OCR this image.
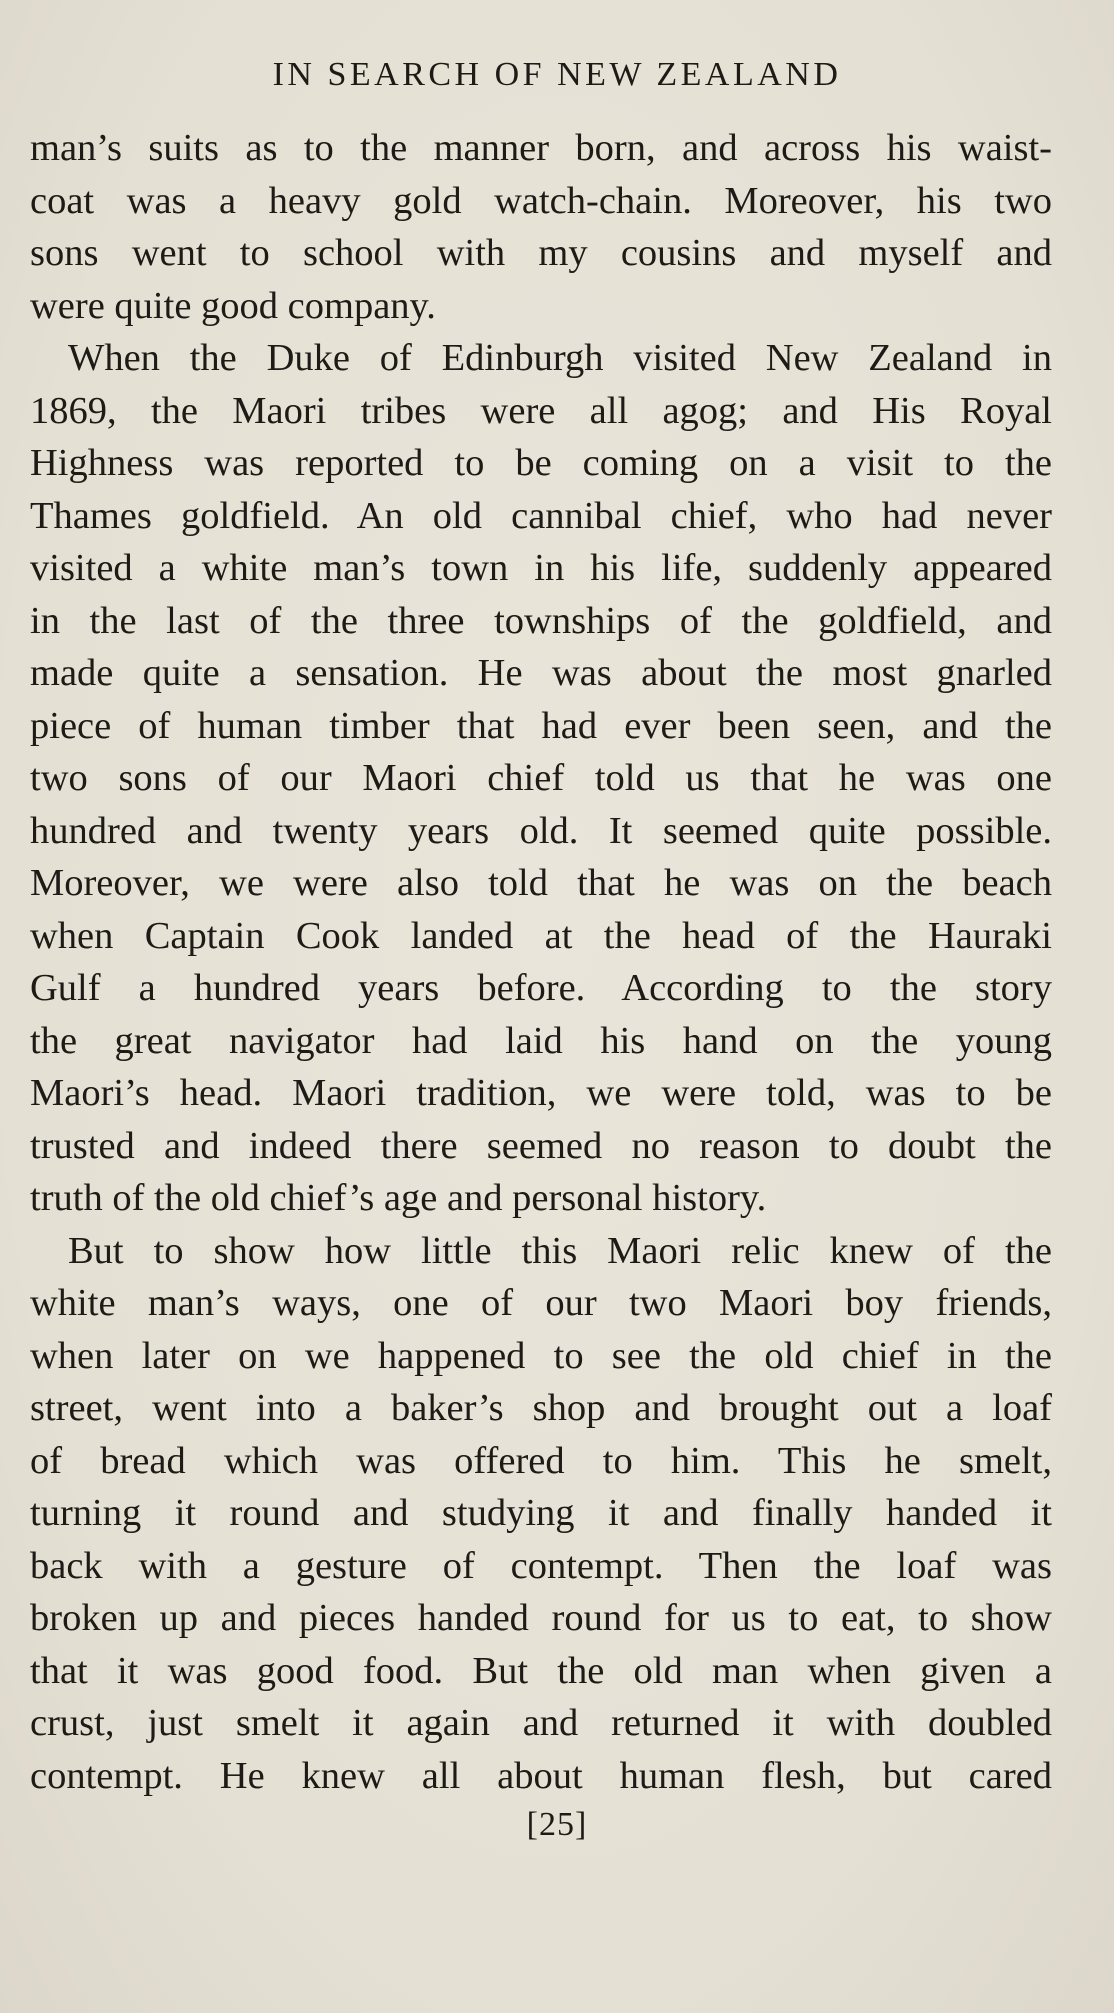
IN SEARCH OF NEW ZEALAND
man’s suits as to the manner born, and across his waist-
coat was a heavy gold watch-chain. Moreover, his two
sons went to school with my cousins and myself and
were quite good company.
When the Duke of Edinburgh visited New Zealand in
1869, the Maori tribes were all agog; and His Royal
Highness was reported to be coming on a visit to the
Thames goldfield. An old cannibal chief, who had never
visited a white man’s town in his life, suddenly appeared
in the last of the three townships of the goldfield, and
made quite a sensation. He was about the most gnarled
piece of human timber that had ever been seen, and the
two sons of our Maori chief told us that he was one
hundred and twenty years old. It seemed quite possible.
Moreover, we were also told that he was on the beach
when Captain Cook landed at the head of the Hauraki
Gulf a hundred years before. According to the story
the great navigator had laid his hand on the young
Maori’s head. Maori tradition, we were told, was to be
trusted and indeed there seemed no reason to doubt the
truth of the old chief’s age and personal history.
But to show how little this Maori relic knew of the
white man’s ways, one of our two Maori boy friends,
when later on we happened to see the old chief in the
street, went into a baker’s shop and brought out a loaf
of bread which was offered to him. This he smelt,
turning it round and studying it and finally handed it
back with a gesture of contempt. Then the loaf was
broken up and pieces handed round for us to eat, to show
that it was good food. But the old man when given a
crust, just smelt it again and returned it with doubled
contempt. He knew all about human flesh, but cared
[25]
